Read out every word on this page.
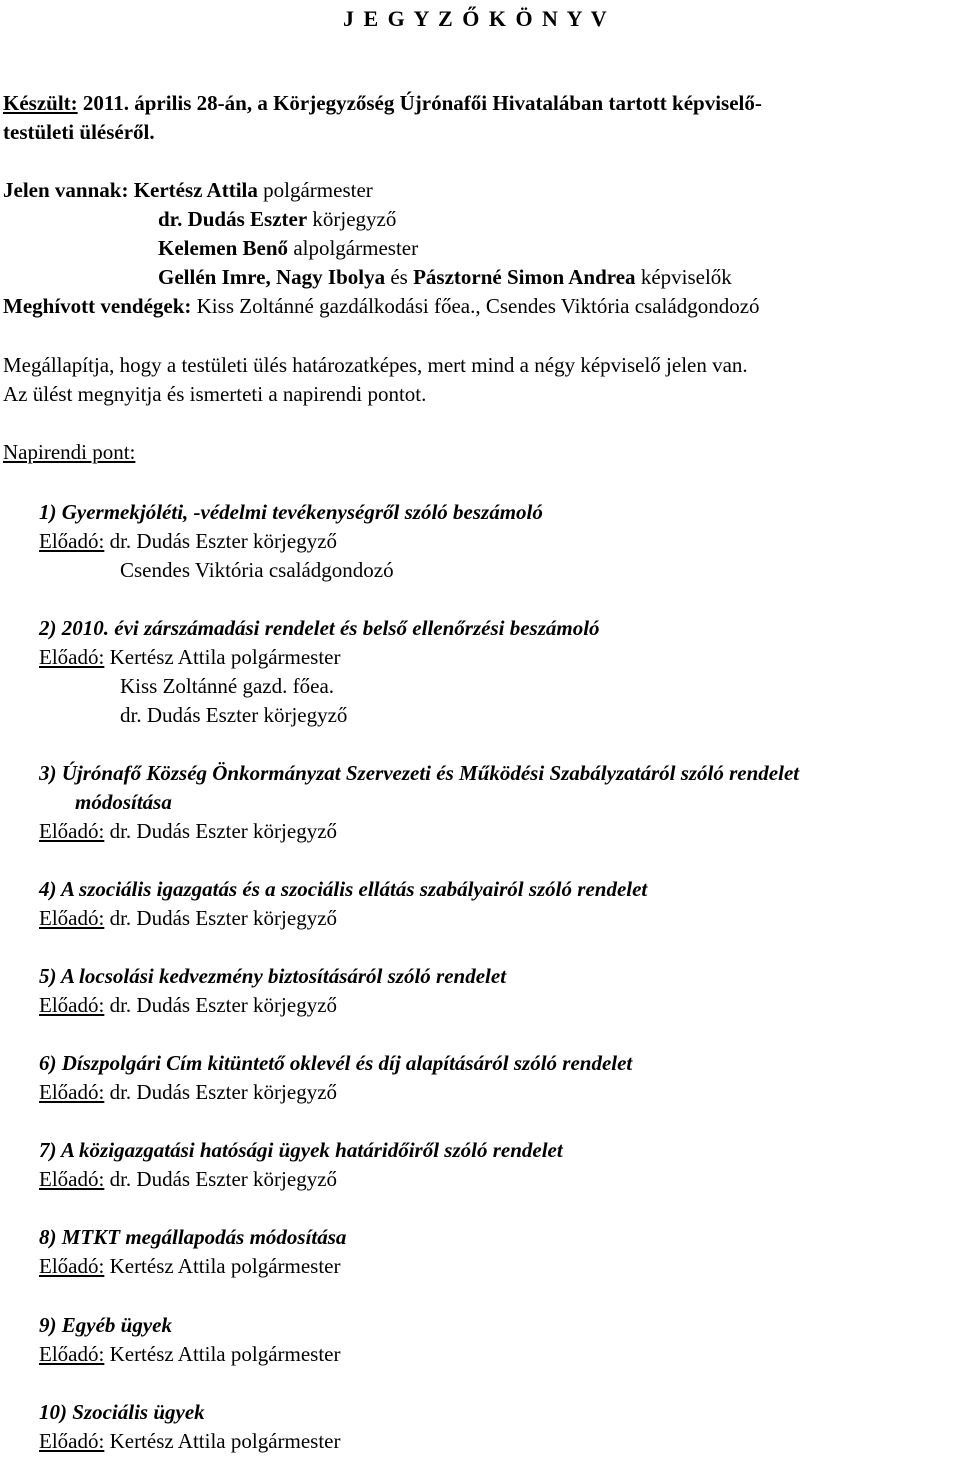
J E G Y Z Ő K Ö N Y V
Készült: 2011. április 28-án, a Körjegyzőség Újrónafői Hivatalában tartott képviselő-
testületi üléséről.
Jelen vannak: Kertész Attila polgármester
dr. Dudás Eszter körjegyző
Kelemen Benő alpolgármester
Gellén Imre, Nagy Ibolya és Pásztorné Simon Andrea képviselők
Meghívott vendégek: Kiss Zoltánné gazdálkodási főea., Csendes Viktória családgondozó
Megállapítja, hogy a testületi ülés határozatképes, mert mind a négy képviselő jelen van.
Az ülést megnyitja és ismerteti a napirendi pontot.
Napirendi pont:
1) Gyermekjóléti, -védelmi tevékenységről szóló beszámoló
Előadó: dr. Dudás Eszter körjegyző
Csendes Viktória családgondozó
2) 2010. évi zárszámadási rendelet és belső ellenőrzési beszámoló
Előadó: Kertész Attila polgármester
Kiss Zoltánné gazd. főea.
dr. Dudás Eszter körjegyző
3) Újrónafő Község Önkormányzat Szervezeti és Működési Szabályzatáról szóló rendelet
módosítása
Előadó: dr. Dudás Eszter körjegyző
4) A szociális igazgatás és a szociális ellátás szabályairól szóló rendelet
Előadó: dr. Dudás Eszter körjegyző
5) A locsolási kedvezmény biztosításáról szóló rendelet
Előadó: dr. Dudás Eszter körjegyző
6) Díszpolgári Cím kitüntető oklevél és díj alapításáról szóló rendelet
Előadó: dr. Dudás Eszter körjegyző
7) A közigazgatási hatósági ügyek határidőiről szóló rendelet
Előadó: dr. Dudás Eszter körjegyző
8) MTKT megállapodás módosítása
Előadó: Kertész Attila polgármester
9) Egyéb ügyek
Előadó: Kertész Attila polgármester
10) Szociális ügyek
Előadó: Kertész Attila polgármester
